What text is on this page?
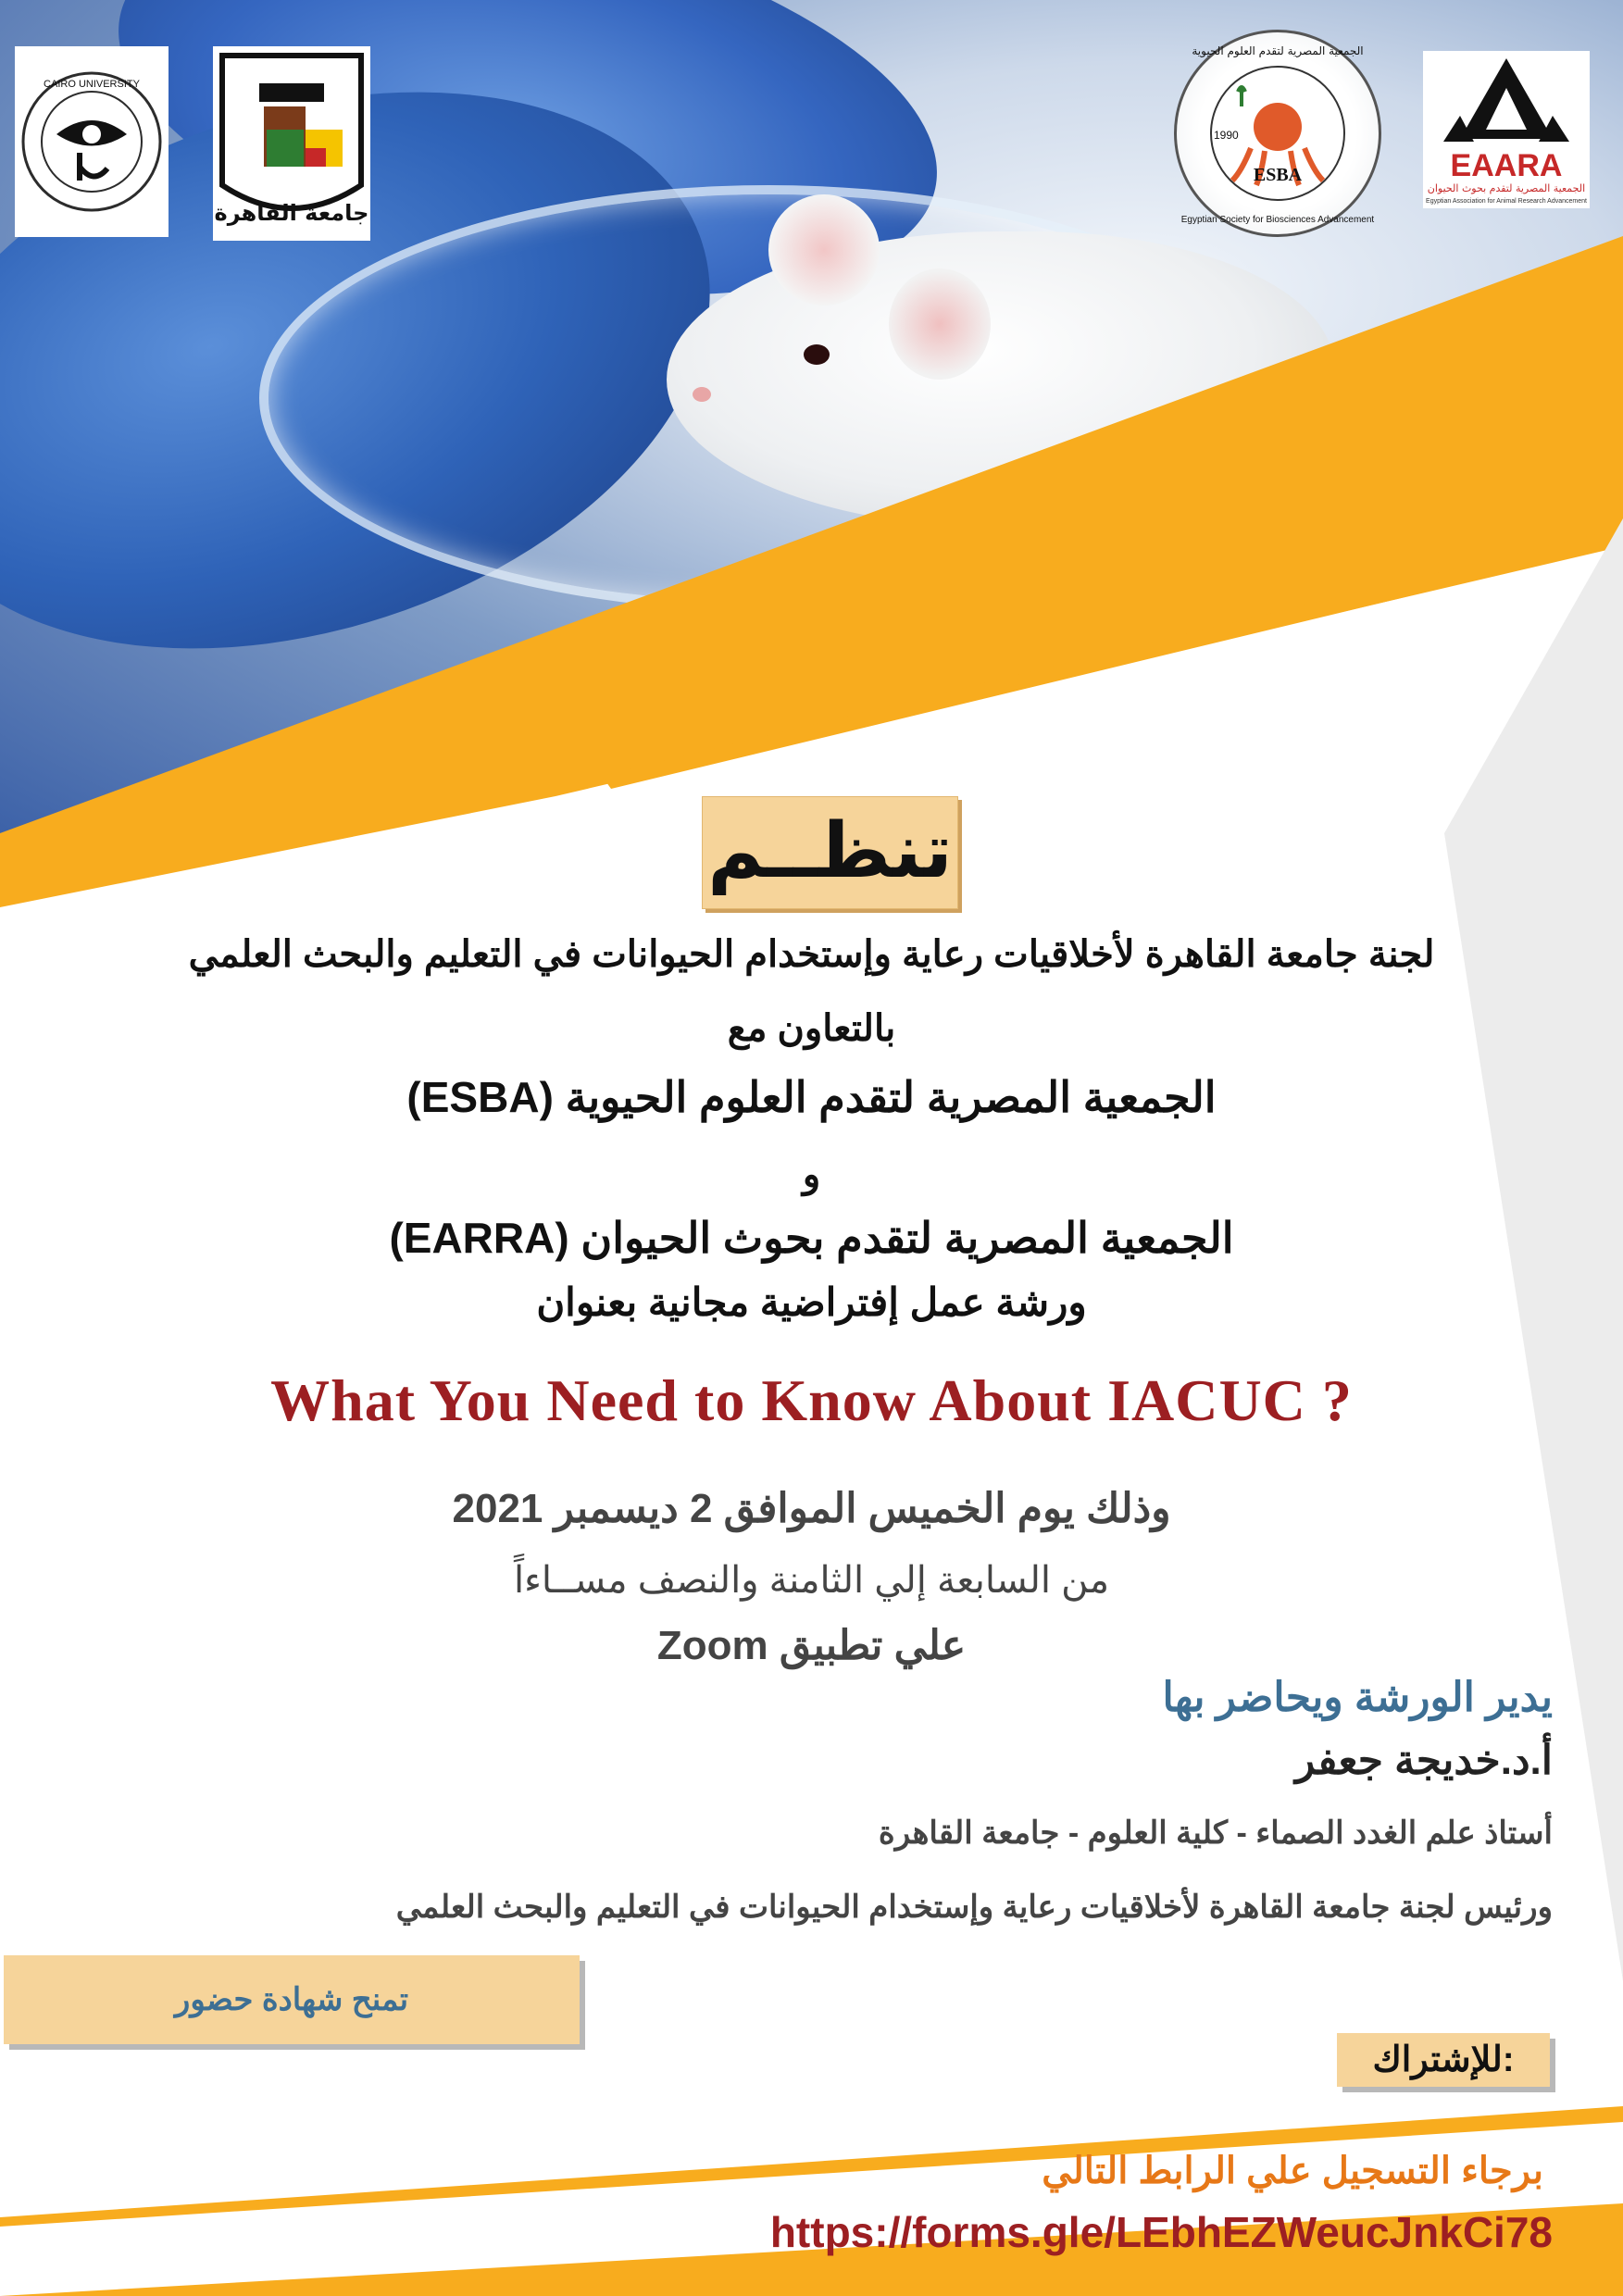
CAIRO UNIVERSITY
جامعة القاهرة
ESBA
1990
Egyptian Society for Biosciences Advancement
الجمعية المصرية لتقدم العلوم الحيوية
EAARA
الجمعية المصرية لتقدم بحوث الحيوان
Egyptian Association for Animal Research Advancement
تنظــم
لجنة جامعة القاهرة لأخلاقيات رعاية وإستخدام الحيوانات في التعليم والبحث العلمي
بالتعاون مع
الجمعية المصرية لتقدم العلوم الحيوية (ESBA)
و
الجمعية المصرية لتقدم بحوث الحيوان (EARRA)
ورشة عمل إفتراضية مجانية بعنوان
What You Need to Know About IACUC ?
وذلك يوم الخميس الموافق 2 ديسمبر 2021
من السابعة إلي الثامنة والنصف مســاءاً
علي تطبيق Zoom
يدير الورشة ويحاضر بها
أ.د.خديجة جعفر
أستاذ علم الغدد الصماء - كلية العلوم - جامعة القاهرة
ورئيس لجنة جامعة القاهرة لأخلاقيات رعاية وإستخدام الحيوانات في التعليم والبحث العلمي
تمنح شهادة حضور
للإشتراك:
برجاء التسجيل علي الرابط التالي
https://forms.gle/LEbhEZWeucJnkCi78
